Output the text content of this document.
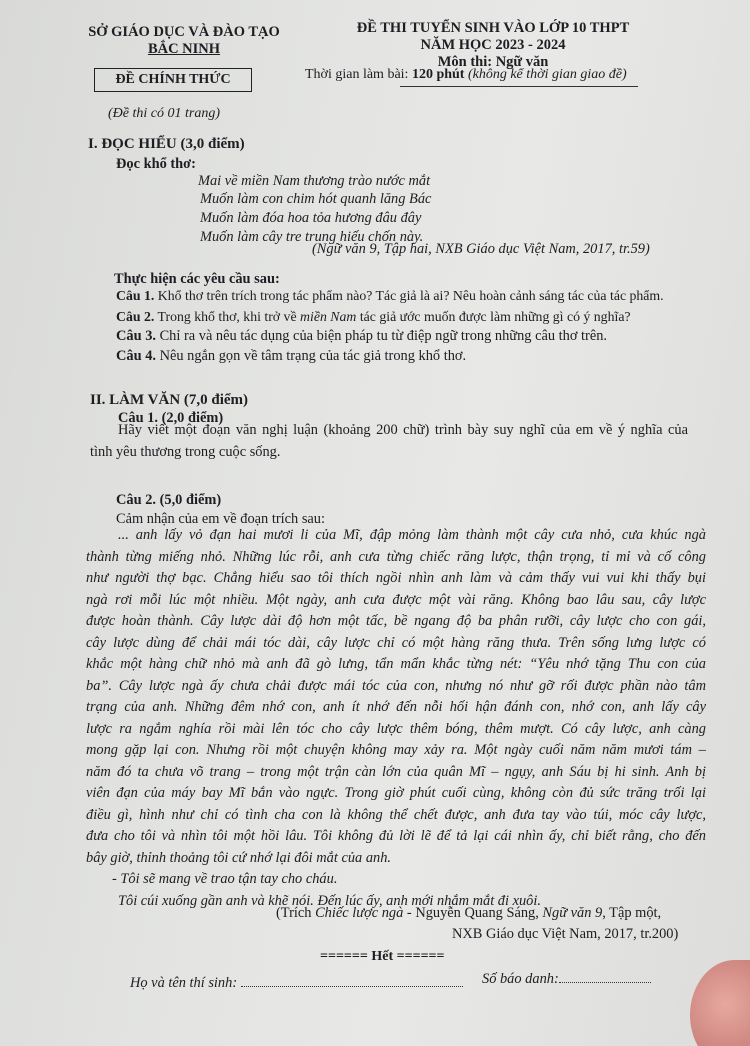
SỞ GIÁO DỤC VÀ ĐÀO TẠO
BẮC NINH
ĐỀ THI TUYỂN SINH VÀO LỚP 10 THPT
NĂM HỌC 2023 - 2024
Môn thi: Ngữ văn
ĐỀ CHÍNH THỨC	Thời gian làm bài: 120 phút (không kể thời gian giao đề)
(Đề thi có 01 trang)
I. ĐỌC HIỂU (3,0 điểm)
Đọc khổ thơ:
Mai về miền Nam thương trào nước mắt
Muốn làm con chim hót quanh lăng Bác
Muốn làm đóa hoa tỏa hương đâu đây
Muốn làm cây tre trung hiếu chốn này.
(Ngữ văn 9, Tập hai, NXB Giáo dục Việt Nam, 2017, tr.59)
Thực hiện các yêu cầu sau:
Câu 1. Khổ thơ trên trích trong tác phẩm nào? Tác giả là ai? Nêu hoàn cảnh sáng tác của tác phẩm.
Câu 2. Trong khổ thơ, khi trở về miền Nam tác giả ước muốn được làm những gì có ý nghĩa?
Câu 3. Chỉ ra và nêu tác dụng của biện pháp tu từ điệp ngữ trong những câu thơ trên.
Câu 4. Nêu ngắn gọn về tâm trạng của tác giả trong khổ thơ.
II. LÀM VĂN (7,0 điểm)
Câu 1. (2,0 điểm)
Hãy viết một đoạn văn nghị luận (khoảng 200 chữ) trình bày suy nghĩ của em về ý nghĩa của
tình yêu thương trong cuộc sống.
Câu 2. (5,0 điểm)
Cảm nhận của em về đoạn trích sau:
... anh lấy vỏ đạn hai mươi li của Mĩ, đập mỏng làm thành một cây cưa nhỏ, cưa khúc ngà
thành từng miếng nhỏ. Những lúc rỗi, anh cưa từng chiếc răng lược, thận trọng, tỉ mỉ và cố công
như người thợ bạc. Chẳng hiểu sao tôi thích ngồi nhìn anh làm và cảm thấy vui vui khi thấy bụi
ngà rơi mỗi lúc một nhiều. Một ngày, anh cưa được một vài răng. Không bao lâu sau, cây lược
được hoàn thành. Cây lược dài độ hơn một tấc, bề ngang độ ba phân rưỡi, cây lược cho con gái,
cây lược dùng để chải mái tóc dài, cây lược chỉ có một hàng răng thưa. Trên sống lưng lược có
khắc một hàng chữ nhỏ mà anh đã gò lưng, tẩn mẩn khắc từng nét: “Yêu nhớ tặng Thu con của
ba”. Cây lược ngà ấy chưa chải được mái tóc của con, nhưng nó như gỡ rối được phần nào tâm
trạng của anh. Những đêm nhớ con, anh ít nhớ đến nỗi hối hận đánh con, nhớ con, anh lấy cây
lược ra ngắm nghía rồi mài lên tóc cho cây lược thêm bóng, thêm mượt. Có cây lược, anh càng
mong gặp lại con. Nhưng rồi một chuyện không may xảy ra. Một ngày cuối năm năm mươi tám –
năm đó ta chưa võ trang – trong một trận càn lớn của quân Mĩ – ngụy, anh Sáu bị hi sinh. Anh bị
viên đạn của máy bay Mĩ bắn vào ngực. Trong giờ phút cuối cùng, không còn đủ sức trăng trối lại
điều gì, hình như chỉ có tình cha con là không thể chết được, anh đưa tay vào túi, móc cây lược,
đưa cho tôi và nhìn tôi một hồi lâu. Tôi không đủ lời lẽ để tả lại cái nhìn ấy, chỉ biết rằng, cho đến
bây giờ, thỉnh thoảng tôi cứ nhớ lại đôi mắt của anh.
- Tôi sẽ mang về trao tận tay cho cháu.
Tôi cúi xuống gần anh và khẽ nói. Đến lúc ấy, anh mới nhắm mắt đi xuôi.
(Trích Chiếc lược ngà - Nguyễn Quang Sáng, Ngữ văn 9, Tập một,
NXB Giáo dục Việt Nam, 2017, tr.200)
====== Hết ======
Họ và tên thí sinh:	Số báo danh:
